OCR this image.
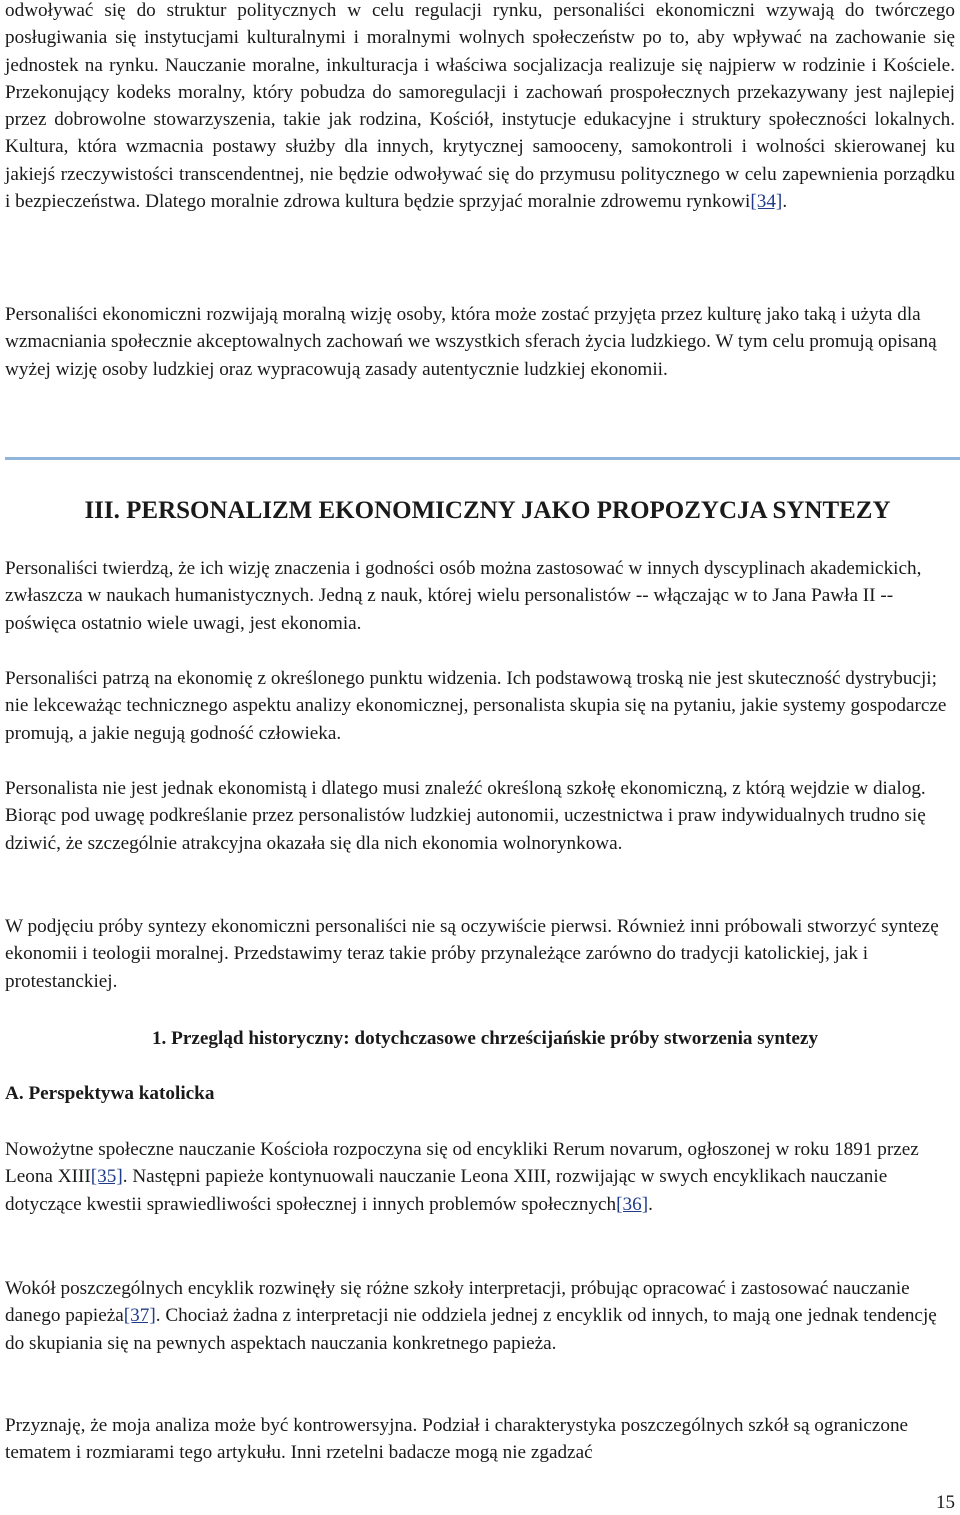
odwoływać się do struktur politycznych w celu regulacji rynku, personaliści ekonomiczni wzywają do twórczego posługiwania się instytucjami kulturalnymi i moralnymi wolnych społeczeństw po to, aby wpływać na zachowanie się jednostek na rynku. Nauczanie moralne, inkulturacja i właściwa socjalizacja realizuje się najpierw w rodzinie i Kościele. Przekonujący kodeks moralny, który pobudza do samoregulacji i zachowań prospołecznych przekazywany jest najlepiej przez dobrowolne stowarzyszenia, takie jak rodzina, Kościół, instytucje edukacyjne i struktury społeczności lokalnych. Kultura, która wzmacnia postawy służby dla innych, krytycznej samooceny, samokontroli i wolności skierowanej ku jakiejś rzeczywistości transcendentnej, nie będzie odwoływać się do przymusu politycznego w celu zapewnienia porządku i bezpieczeństwa. Dlatego moralnie zdrowa kultura będzie sprzyjać moralnie zdrowemu rynkowi[34].

Personaliści ekonomiczni rozwijają moralną wizję osoby, która może zostać przyjęta przez kulturę jako taką i użyta dla wzmacniania społecznie akceptowalnych zachowań we wszystkich sferach życia ludzkiego. W tym celu promują opisaną wyżej wizję osoby ludzkiej oraz wypracowują zasady autentycznie ludzkiej ekonomii.

III. PERSONALIZM EKONOMICZNY JAKO PROPOZYCJA SYNTEZY

Personaliści twierdzą, że ich wizję znaczenia i godności osób można zastosować w innych dyscyplinach akademickich, zwłaszcza w naukach humanistycznych. Jedną z nauk, której wielu personalistów -- włączając w to Jana Pawła II -- poświęca ostatnio wiele uwagi, jest ekonomia.

Personaliści patrzą na ekonomię z określonego punktu widzenia. Ich podstawową troską nie jest skuteczność dystrybucji; nie lekceważąc technicznego aspektu analizy ekonomicznej, personalista skupia się na pytaniu, jakie systemy gospodarcze promują, a jakie negują godność człowieka.

Personalista nie jest jednak ekonomistą i dlatego musi znaleźć określoną szkołę ekonomiczną, z którą wejdzie w dialog. Biorąc pod uwagę podkreślanie przez personalistów ludzkiej autonomii, uczestnictwa i praw indywidualnych trudno się dziwić, że szczególnie atrakcyjna okazała się dla nich ekonomia wolnorynkowa.

W podjęciu próby syntezy ekonomiczni personaliści nie są oczywiście pierwsi. Również inni próbowali stworzyć syntezę ekonomii i teologii moralnej. Przedstawimy teraz takie próby przynależące zarówno do tradycji katolickiej, jak i protestanckiej.

1. Przegląd historyczny: dotychczasowe chrześcijańskie próby stworzenia syntezy
A. Perspektywa katolicka

Nowożytne społeczne nauczanie Kościoła rozpoczyna się od encykliki Rerum novarum, ogłoszonej w roku 1891 przez Leona XIII[35]. Następni papieże kontynuowali nauczanie Leona XIII, rozwijając w swych encyklikach nauczanie dotyczące kwestii sprawiedliwości społecznej i innych problemów społecznych[36].

Wokół poszczególnych encyklik rozwinęły się różne szkoły interpretacji, próbując opracować i zastosować nauczanie danego papieża[37]. Chociaż żadna z interpretacji nie oddziela jednej z encyklik od innych, to mają one jednak tendencję do skupiania się na pewnych aspektach nauczania konkretnego papieża.

Przyznaję, że moja analiza może być kontrowersyjna. Podział i charakterystyka poszczególnych szkół są ograniczone tematem i rozmiarami tego artykułu. Inni rzetelni badacze mogą nie zgadzać

15
